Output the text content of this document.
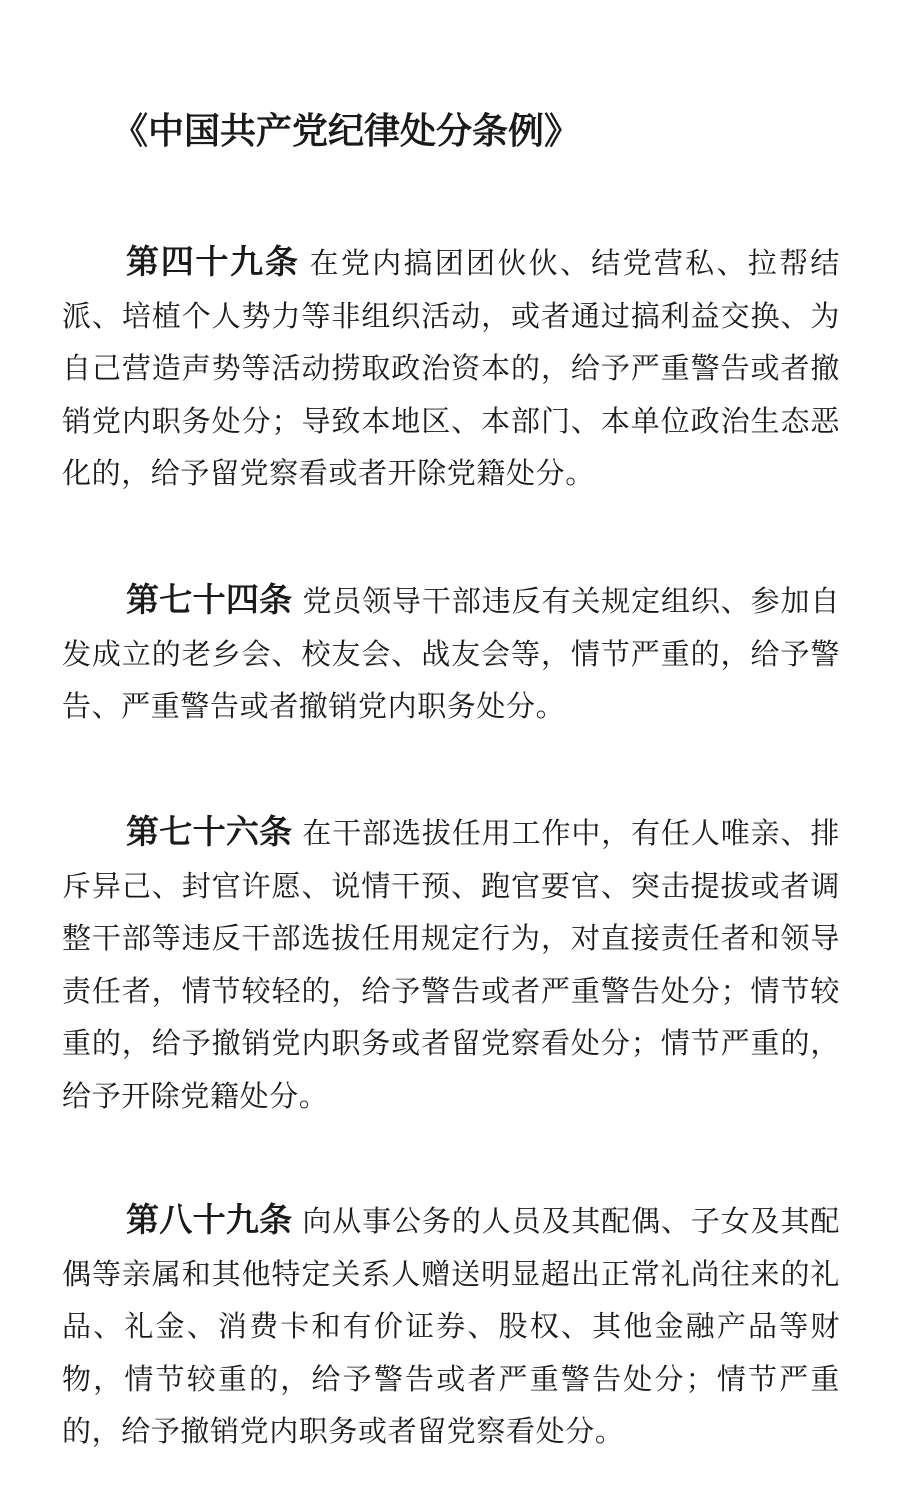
《中国共产党纪律处分条例》

第四十九条 在党内搞团团伙伙、结党营私、拉帮结派、培植个人势力等非组织活动，或者通过搞利益交换、为自己营造声势等活动捞取政治资本的，给予严重警告或者撤销党内职务处分；导致本地区、本部门、本单位政治生态恶化的，给予留党察看或者开除党籍处分。

第七十四条 党员领导干部违反有关规定组织、参加自发成立的老乡会、校友会、战友会等，情节严重的，给予警告、严重警告或者撤销党内职务处分。

第七十六条 在干部选拔任用工作中，有任人唯亲、排斥异己、封官许愿、说情干预、跑官要官、突击提拔或者调整干部等违反干部选拔任用规定行为，对直接责任者和领导责任者，情节较轻的，给予警告或者严重警告处分；情节较重的，给予撤销党内职务或者留党察看处分；情节严重的，给予开除党籍处分。

第八十九条 向从事公务的人员及其配偶、子女及其配偶等亲属和其他特定关系人赠送明显超出正常礼尚往来的礼品、礼金、消费卡和有价证券、股权、其他金融产品等财物，情节较重的，给予警告或者严重警告处分；情节严重的，给予撤销党内职务或者留党察看处分。
